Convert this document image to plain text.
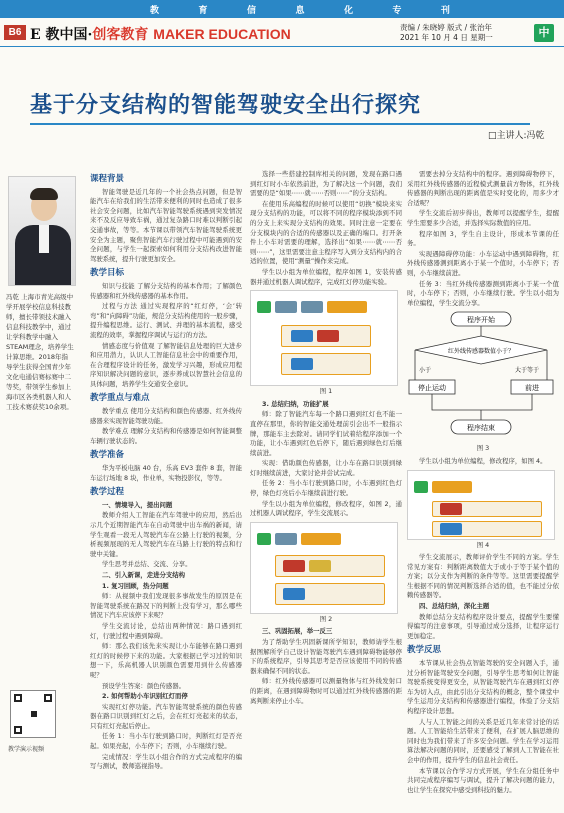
教	育	信	息	化	专	刊
B6 E 教中国·创客教育 MAKER EDUCATION	责编 / 朱晓婷 版式 / 张治年
2021 年 10 月 4 日 星期一	中
基于分支结构的智能驾驶安全出行探究
□主讲人:冯乾
冯乾 上海市青光高级中学开展学校信息科技教师，擅长带领技术融入信息科技教学中，通过让学科教学中融入STEAM理念，培养学生计算思维。2018年指导学生获得全国青少年文化电通信赛标赛中二等奖，带领学生参加上海市区各类机器人和人工技术赛获奖10余项。
教学演示视频
课程背景

智能驾驶是近几年的一个社会热点问题，但是智能汽车在给我们的生活带来便利的同时也造成了很多社会安全问题，比如汽车智能驾驶系统遇到突发情况来不及反应导致车祸，通过复杂路口时难以判断引起交通事故，等等。本节课以带领汽车智能驾驶系统更安全为主题，聚焦智能汽车行驶过程中可能遇到的安全问题，与学生一起探索如何利用分支结构改进智能驾驶系统，提升行驶更加安全。

教学目标

知识与技能 了解分支结构的基本作用；了解颜色传感器和红外线传感器的基本作用。

过程与方法 通过实现程序的“红灯停，‘会’转弯”和“向障碍”功能，规范分支结构使用的一般步骤，提升编程思维。运行、测试、并理的基本流程，感受流程的效率，掌握程序调试与运行的方法。

情感态度与价值观 了解智能信息处理的巨大进步和应用潜力，认识人工智能信息社会中的重要作用，在合理程序设计的任务，激发学习兴趣，形成应用程序知识解决问题的意识，逐步养成以智慧社会信息的具体问题，培养学生交通安全意识。

教学重点与难点

教学重点 使用分支结构和颜色传感器、红外线传感器来实现智能驾驶功能。

教学难点 理解分支结构和传感器是如何智能调整车辆行驶状态的。

教学准备

华为平板电脑 40 台，乐高 EV3 套件 8 套，智能车运行场地 8 块，作业单，实物投影仪，等等。

教学过程

一、情境导入，提出问题

教师介绍人工智能在汽车驾驶中的应用，然后出示几个近期智能汽车在自动驾驶中出车祸的新闻，请学生观看一段无人驾驶汽车在公路上行驶的视频，分析视频展现的无人驾驶汽车在马路上行驶的特点和行驶中关键。

学生思考并总结、交流、分享。

二、引入新课，走进分支结构

1. 复习回顾，热分问题

师：从视频中我们发现很多事故发生的原因是在智能驾驶系统在路况下的判断上没有学习，那么哪些情况下汽车应该停下来呢？

学生交流讨论，总结出两种情况：路口遇到红灯，行驶过程中遇到障碍。

师：那么我们该先来实现让小车能够在路口遇到红灯的时候停下来的功能。大家根据已学习过的知识想一下，乐高机器人识别颜色需要用到什么传感器呢？

预设学生答案：颜色传感器。

2. 如何帮助小车识别红灯而停

实现红灯停功能。汽车智能驾驶系统的颜色传感器在路口识别到红灯之后，会在红灯亮起来的状态，只有红灯亮起后停止。

任务 1：当小车行驶到路口时，判断红灯是否亮起。如果亮起，小车停下；否则，小车继续行驶。

完成情况：学生以小组合作的方式完成程序的编写与测试，教师巡视指导。

选择一些搭建控制库相关的问题，发现在路口遇到红灯时小车依然前进，为了解决这一个问题，我们需要的是“如果⋯⋯就⋯⋯否则⋯⋯”的分支结构。

在使用乐高编程的时候可以使用“切换”模块来实现分支结构的功能，可以将不同的程序模块添到不同的分支上来实现分支结构的效果。同时注意一定要在分支模块内的合适的传感器以及正确的端口。打开条件上小车对需要的理解，选择出“如果⋯⋯就⋯⋯否则⋯⋯”，这里需要注意主程序写入到分支结构内的合适的位置，使用“测量”操作来完成。

学生以小组为单位编程，程序如图 1，安装传感器并通过机器人调试程序，完成红灯停功能实验。

图 1

3. 总结归纳，功能扩展

师：除了智能汽车每一个路口遇到红灯也不能一直停在那里，你的智能交通处理前引会出不一般指示牌，那能车主去除对。请同学们试着给程序添加一个功能，让小车遇到红色后停下，随后遇到绿色灯后继续前进。

实现：借助颜色传感器，让小车在路口识别到绿灯时继续前进，大家讨论并尝试完成。

任务 2：当小车行驶到路口时，小车遇到红色灯停，绿色灯亮后小车继续前进行驶。

学生以小组为单位编程，修改程序，如图 2，通过机器人调试程序，学生交流展示。

图 2

三、巩固拓展，举一反三

为了帮助学生巩固新课所学知识，教师请学生根据图解所学自己设计智能驾驶汽车遇到障碍物能够停下的系统程序，引导其思考是否应该使用不同的传感器来确保不同的状态。

师：红外线传感器可以测量物体与红外线发射口的距离，在遇到障碍物时可以通过红外线传感器的距离判断来停止小车。

需要去掉分支结构中的程序。遇到障碍物停下，采用红外线传感器的近程模式测量前方物体，红外线传感器的判断出现的距离值是实时变化的，用多少才合适呢？

学生交流后初步得出，教师可以提醒学生，提醒学生需要多少合适，并选择实际数值的应用。

程序如图 3，学生自主设计，形成本节课的任务。

实现遇障碍停功能：小车运动中遇到障碍物，红外线传感器测到距离小于某一个值时，小车停下；否则，小车继续前进。

任务 3：当红外线传感器测到距离小于某一个值时，小车停下；否则，小车继续行驶。学生以小组为单位编程，学生交流分享。

程序开始
红外线传感器数值小于？
小于	大于等于
停止运动	前进
程序结束
图 3

学生以小组为单位编程，修改程序，如图 4。

图 4

学生交流展示，教师评价学生不同的方案。学生常见方案有：判断距离数值大于或小于等于某个值的方案；以分支作为判断的条件等等。这里需要提醒学生根据不同的情况判断选择合适的值，也不能过分依赖传感器等。

四、总结归纳，深化主题

教师总结分支结构程序设计要点，提醒学生要懂得编写的注意事项，引导通过成分选择，让程序运行更加稳定。

教学反思

本节课从社会热点智能驾驶的安全问题入手，通过分析智能驾驶安全问题，引导学生思考如何让智能驾驶系统变得更安全，从智能驾驶汽车在遇到红灯停车为切入点，由此引出分支结构的概念，整个课堂中学生运用分支结构和传感器进行编程，体验了分支结构程序设计思想。

人与人工智能之间的关系是近几年来常讨论的话题。人工智能给生活带来了便利，在扩展人脑思维的同时也为我们带来了许多安全问题。学生在学习运用算法解决问题的同时，还要感受了解到人工智能在社会中的作用，提升学生的信息社会责任。

本节课以合作学习方式开展，学生在分组任务中共同完成程序编写与调试，提升了解决问题的能力，也让学生在探究中感受到科技的魅力。
